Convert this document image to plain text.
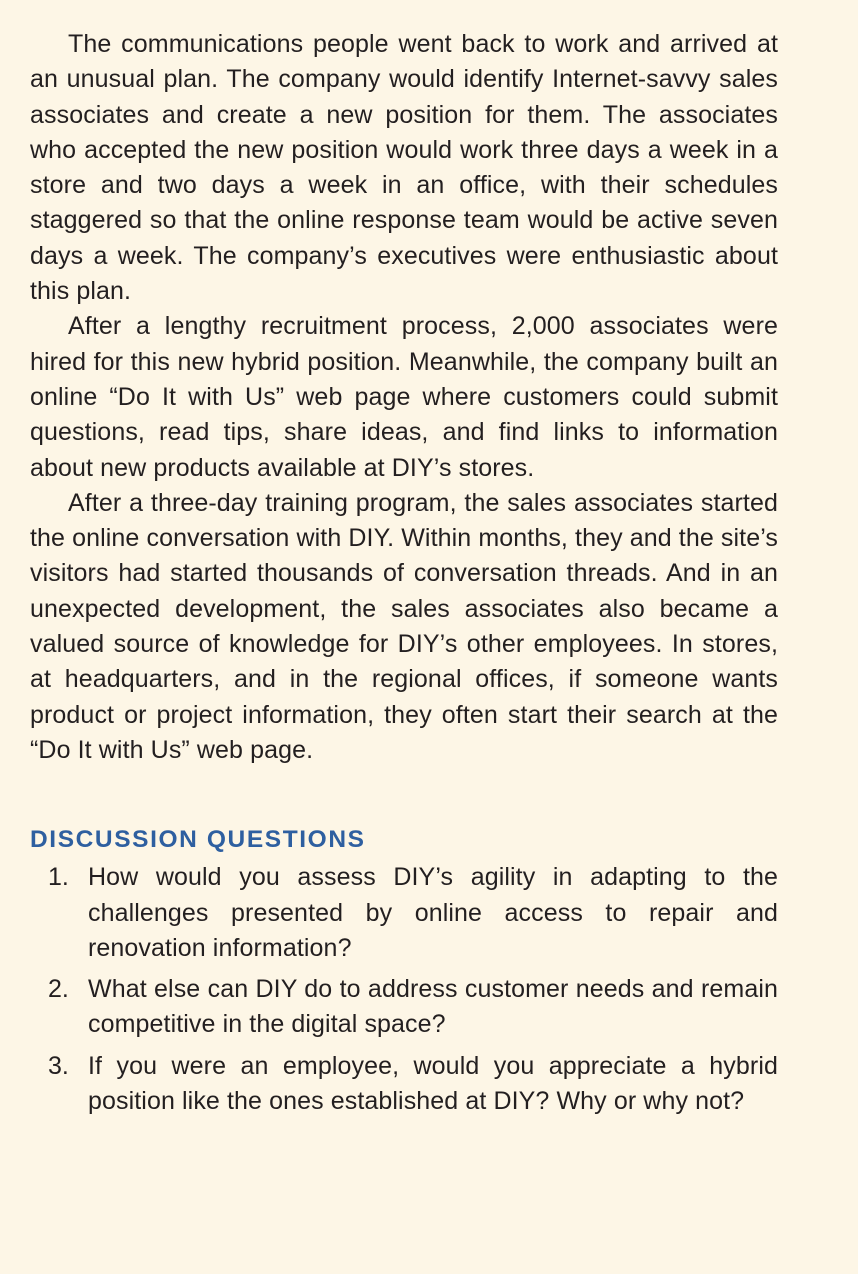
The communications people went back to work and arrived at an unusual plan. The company would identify Internet-savvy sales associates and create a new position for them. The associates who accepted the new position would work three days a week in a store and two days a week in an office, with their schedules staggered so that the online response team would be active seven days a week. The company’s executives were enthusiastic about this plan.

After a lengthy recruitment process, 2,000 associates were hired for this new hybrid position. Meanwhile, the company built an online “Do It with Us” web page where customers could submit questions, read tips, share ideas, and find links to information about new products available at DIY’s stores.

After a three-day training program, the sales associates started the online conversation with DIY. Within months, they and the site’s visitors had started thousands of conversation threads. And in an unexpected development, the sales associates also became a valued source of knowledge for DIY’s other employees. In stores, at headquarters, and in the regional offices, if someone wants product or project information, they often start their search at the “Do It with Us” web page.

DISCUSSION QUESTIONS
1. How would you assess DIY’s agility in adapting to the challenges presented by online access to repair and renovation information?
2. What else can DIY do to address customer needs and remain competitive in the digital space?
3. If you were an employee, would you appreciate a hybrid position like the ones established at DIY? Why or why not?
